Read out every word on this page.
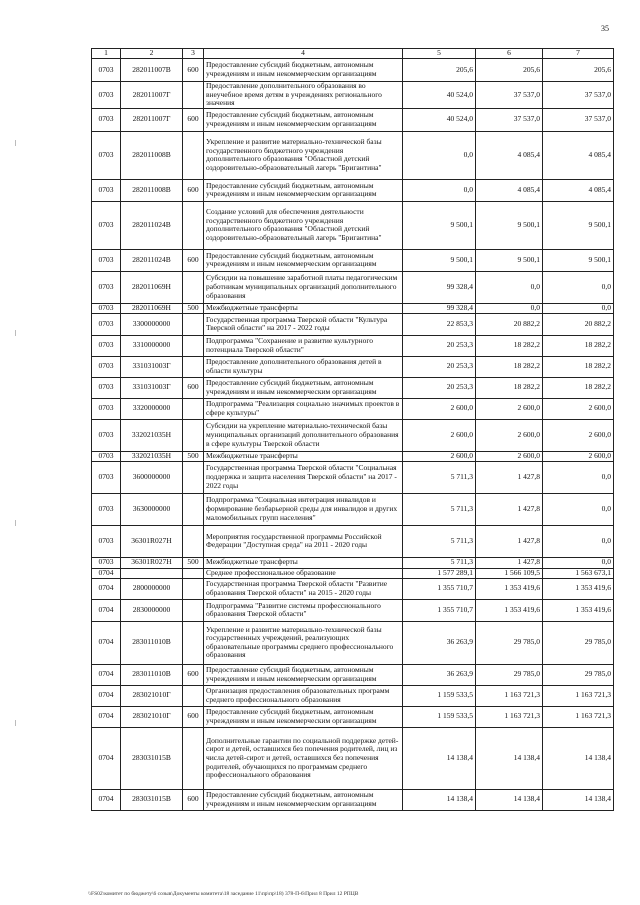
35
1	2	3	4	5	6	7
0703	282011007В	600	Предоставление субсидий бюджетным, автономным учреждениям и иным некоммерческим организациям	205,6	205,6	205,6
0703	282011007Г		Предоставление дополнительного образования во внеучебное время детям в учреждениях регионального значения	40 524,0	37 537,0	37 537,0
0703	282011007Г	600	Предоставление субсидий бюджетным, автономным учреждениям и иным некоммерческим организациям	40 524,0	37 537,0	37 537,0
0703	282011008В		Укрепление и развитие материально-технической базы государственного бюджетного учреждения дополнительного образования "Областной детский оздоровительно-образовательный лагерь "Бригантина"	0,0	4 085,4	4 085,4
0703	282011008В	600	Предоставление субсидий бюджетным, автономным учреждениям и иным некоммерческим организациям	0,0	4 085,4	4 085,4
0703	282011024В		Создание условий для обеспечения деятельности государственного бюджетного учреждения дополнительного образования "Областной детский оздоровительно-образовательный лагерь "Бригантина"	9 500,1	9 500,1	9 500,1
0703	282011024В	600	Предоставление субсидий бюджетным, автономным учреждениям и иным некоммерческим организациям	9 500,1	9 500,1	9 500,1
0703	282011069Н		Субсидии на повышение заработной платы педагогическим работникам муниципальных организаций дополнительного образования	99 328,4	0,0	0,0
0703	282011069Н	500	Межбюджетные трансферты	99 328,4	0,0	0,0
0703	3300000000		Государственная программа Тверской области "Культура Тверской области" на 2017 - 2022 годы	22 853,3	20 882,2	20 882,2
0703	3310000000		Подпрограмма "Сохранение и развитие культурного потенциала Тверской области"	20 253,3	18 282,2	18 282,2
0703	331031003Г		Предоставление дополнительного образования детей в области культуры	20 253,3	18 282,2	18 282,2
0703	331031003Г	600	Предоставление субсидий бюджетным, автономным учреждениям и иным некоммерческим организациям	20 253,3	18 282,2	18 282,2
0703	3320000000		Подпрограмма "Реализация социально значимых проектов в сфере культуры"	2 600,0	2 600,0	2 600,0
0703	332021035Н		Субсидии на укрепление материально-технической базы муниципальных организаций дополнительного образования в сфере культуры Тверской области	2 600,0	2 600,0	2 600,0
0703	332021035Н	500	Межбюджетные трансферты	2 600,0	2 600,0	2 600,0
0703	3600000000		Государственная программа Тверской области "Социальная поддержка и защита населения Тверской области" на 2017 - 2022 годы	5 711,3	1 427,8	0,0
0703	3630000000		Подпрограмма "Социальная интеграция инвалидов и формирование безбарьерной среды для инвалидов и других маломобильных групп населения"	5 711,3	1 427,8	0,0
0703	36301R027Н		Мероприятия государственной программы Российской Федерации "Доступная среда" на 2011 - 2020 годы	5 711,3	1 427,8	0,0
0703	36301R027Н	500	Межбюджетные трансферты	5 711,3	1 427,8	0,0
0704			Среднее профессиональное образование	1 577 289,1	1 566 109,5	1 563 673,1
0704	2800000000		Государственная программа Тверской области "Развитие образования Тверской области" на 2015 - 2020 годы	1 355 710,7	1 353 419,6	1 353 419,6
0704	2830000000		Подпрограмма "Развитие системы профессионального образования Тверской области"	1 355 710,7	1 353 419,6	1 353 419,6
0704	283011010В		Укрепление и развитие материально-технической базы государственных учреждений, реализующих образовательные программы среднего профессионального образования	36 263,9	29 785,0	29 785,0
0704	283011010В	600	Предоставление субсидий бюджетным, автономным учреждениям и иным некоммерческим организациям	36 263,9	29 785,0	29 785,0
0704	283021010Г		Организация предоставления образовательных программ среднего профессионального образования	1 159 533,5	1 163 721,3	1 163 721,3
0704	283021010Г	600	Предоставление субсидий бюджетным, автономным учреждениям и иным некоммерческим организациям	1 159 533,5	1 163 721,3	1 163 721,3
0704	283031015В		Дополнительные гарантии по социальной поддержке детей-сирот и детей, оставшихся без попечения родителей, лиц из числа детей-сирот и детей, оставшихся без попечения родителей, обучающихся по программам среднего профессионального образования	14 138,4	14 138,4	14 138,4
0704	283031015В	600	Предоставление субсидий бюджетным, автономным учреждениям и иным некоммерческим организациям	14 138,4	14 138,4	14 138,4
\\FS02\комитет по бюджету\6 созыв\Документы комитета\18 заседание 11\пр\пр\18) 378-П-6\Прил 8 Прил 12 РПЦВ
